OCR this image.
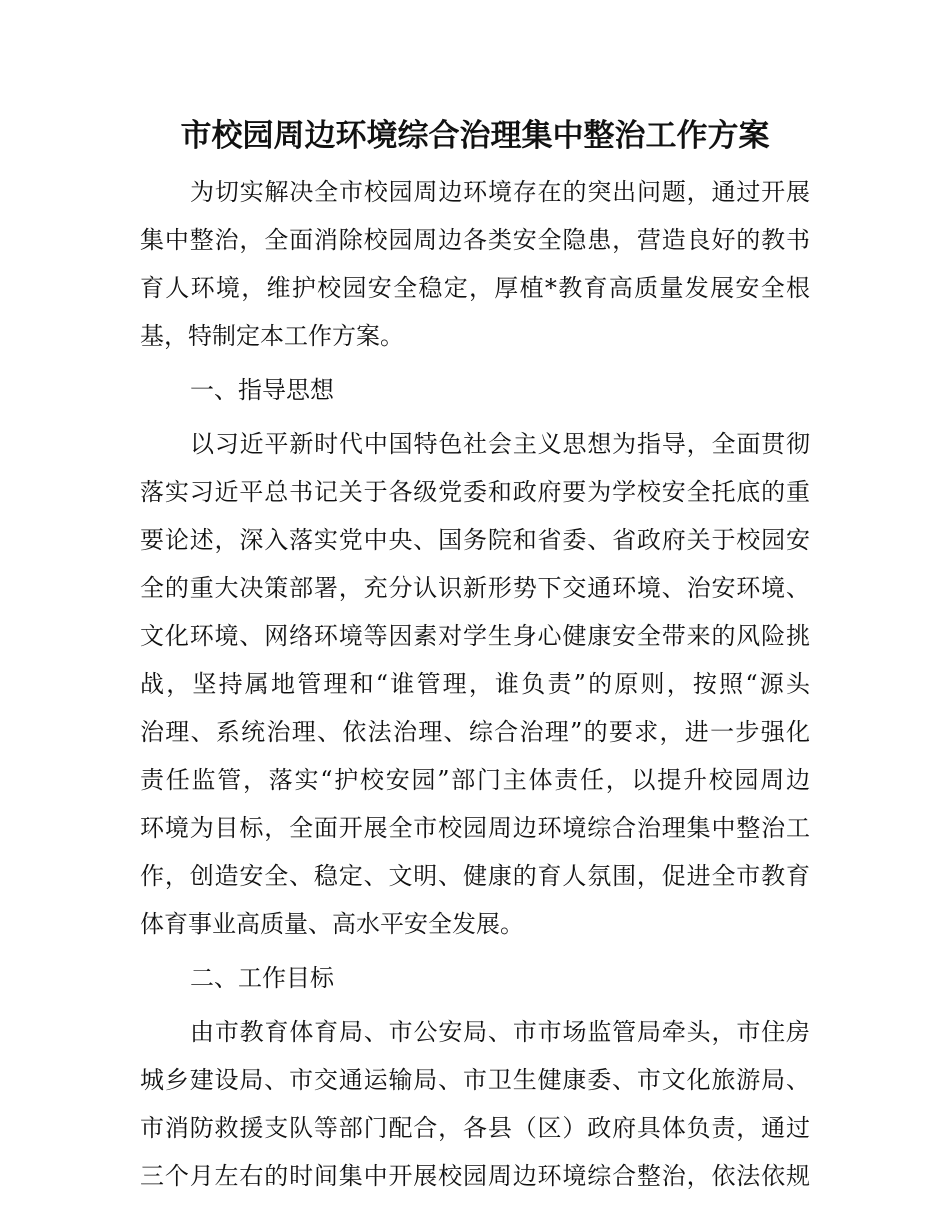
市校园周边环境综合治理集中整治工作方案
为切实解决全市校园周边环境存在的突出问题，通过开展
集中整治，全面消除校园周边各类安全隐患，营造良好的教书
育人环境，维护校园安全稳定，厚植*教育高质量发展安全根
基，特制定本工作方案。
一、指导思想
以习近平新时代中国特色社会主义思想为指导，全面贯彻
落实习近平总书记关于各级党委和政府要为学校安全托底的重
要论述，深入落实党中央、国务院和省委、省政府关于校园安
全的重大决策部署，充分认识新形势下交通环境、治安环境、
文化环境、网络环境等因素对学生身心健康安全带来的风险挑
战，坚持属地管理和“谁管理，谁负责”的原则，按照“源头
治理、系统治理、依法治理、综合治理”的要求，进一步强化
责任监管，落实“护校安园”部门主体责任，以提升校园周边
环境为目标，全面开展全市校园周边环境综合治理集中整治工
作，创造安全、稳定、文明、健康的育人氛围，促进全市教育
体育事业高质量、高水平安全发展。
二、工作目标
由市教育体育局、市公安局、市市场监管局牵头，市住房
城乡建设局、市交通运输局、市卫生健康委、市文化旅游局、
市消防救援支队等部门配合，各县（区）政府具体负责，通过
三个月左右的时间集中开展校园周边环境综合整治，依法依规
